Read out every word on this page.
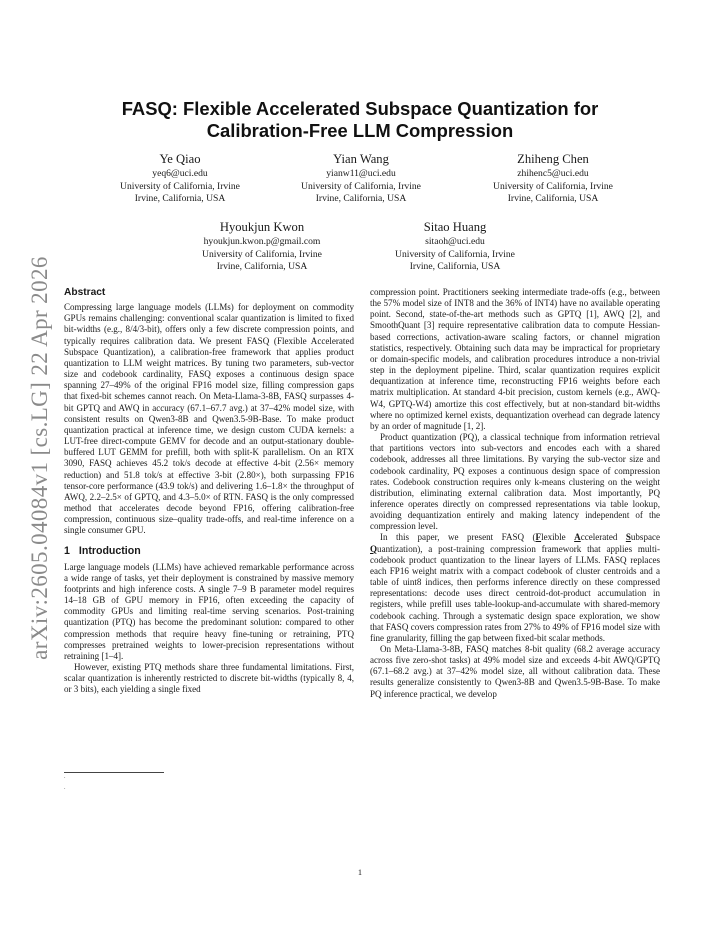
arXiv:2605.04084v1 [cs.LG] 22 Apr 2026
FASQ: Flexible Accelerated Subspace Quantization for
Calibration-Free LLM Compression
Ye Qiao
yeq6@uci.edu
University of California, Irvine
Irvine, California, USA
Yian Wang
yianw11@uci.edu
University of California, Irvine
Irvine, California, USA
Zhiheng Chen
zhihenc5@uci.edu
University of California, Irvine
Irvine, California, USA
Hyoukjun Kwon
hyoukjun.kwon.p@gmail.com
University of California, Irvine
Irvine, California, USA
Sitao Huang
sitaoh@uci.edu
University of California, Irvine
Irvine, California, USA
Abstract

Compressing large language models (LLMs) for deployment on commodity GPUs remains challenging: conventional scalar quantization is limited to fixed bit-widths (e.g., 8/4/3-bit), offers only a few discrete compression points, and typically requires calibration data. We present FASQ (Flexible Accelerated Subspace Quantization), a calibration-free framework that applies product quantization to LLM weight matrices. By tuning two parameters, sub-vector size and codebook cardinality, FASQ exposes a continuous design space spanning 27–49% of the original FP16 model size, filling compression gaps that fixed-bit schemes cannot reach. On Meta-Llama-3-8B, FASQ surpasses 4-bit GPTQ and AWQ in accuracy (67.1–67.7 avg.) at 37–42% model size, with consistent results on Qwen3-8B and Qwen3.5-9B-Base. To make product quantization practical at inference time, we design custom CUDA kernels: a LUT-free direct-compute GEMV for decode and an output-stationary double-buffered LUT GEMM for prefill, both with split-K parallelism. On an RTX 3090, FASQ achieves 45.2 tok/s decode at effective 4-bit (2.56× memory reduction) and 51.8 tok/s at effective 3-bit (2.80×), both surpassing FP16 tensor-core performance (43.9 tok/s) and delivering 1.6–1.8× the throughput of AWQ, 2.2–2.5× of GPTQ, and 4.3–5.0× of RTN. FASQ is the only compressed method that accelerates decode beyond FP16, offering calibration-free compression, continuous size–quality trade-offs, and real-time inference on a single consumer GPU.

1 Introduction

Large language models (LLMs) have achieved remarkable performance across a wide range of tasks, yet their deployment is constrained by massive memory footprints and high inference costs. A single 7–9 B parameter model requires 14–18 GB of GPU memory in FP16, often exceeding the capacity of commodity GPUs and limiting real-time serving scenarios. Post-training quantization (PTQ) has become the predominant solution: compared to other compression methods that require heavy fine-tuning or retraining, PTQ compresses pretrained weights to lower-precision representations without retraining [1–4].

However, existing PTQ methods share three fundamental limitations. First, scalar quantization is inherently restricted to discrete bit-widths (typically 8, 4, or 3 bits), each yielding a single fixed

.
.

compression point. Practitioners seeking intermediate trade-offs (e.g., between the 57% model size of INT8 and the 36% of INT4) have no available operating point. Second, state-of-the-art methods such as GPTQ [1], AWQ [2], and SmoothQuant [3] require representative calibration data to compute Hessian-based corrections, activation-aware scaling factors, or channel migration statistics, respectively. Obtaining such data may be impractical for proprietary or domain-specific models, and calibration procedures introduce a non-trivial step in the deployment pipeline. Third, scalar quantization requires explicit dequantization at inference time, reconstructing FP16 weights before each matrix multiplication. At standard 4-bit precision, custom kernels (e.g., AWQ-W4, GPTQ-W4) amortize this cost effectively, but at non-standard bit-widths where no optimized kernel exists, dequantization overhead can degrade latency by an order of magnitude [1, 2].

Product quantization (PQ), a classical technique from information retrieval that partitions vectors into sub-vectors and encodes each with a shared codebook, addresses all three limitations. By varying the sub-vector size and codebook cardinality, PQ exposes a continuous design space of compression rates. Codebook construction requires only k-means clustering on the weight distribution, eliminating external calibration data. Most importantly, PQ inference operates directly on compressed representations via table lookup, avoiding dequantization entirely and making latency independent of the compression level.

In this paper, we present FASQ (Flexible Accelerated Subspace Quantization), a post-training compression framework that applies multi-codebook product quantization to the linear layers of LLMs. FASQ replaces each FP16 weight matrix with a compact codebook of cluster centroids and a table of uint8 indices, then performs inference directly on these compressed representations: decode uses direct centroid-dot-product accumulation in registers, while prefill uses table-lookup-and-accumulate with shared-memory codebook caching. Through a systematic design space exploration, we show that FASQ covers compression rates from 27% to 49% of FP16 model size with fine granularity, filling the gap between fixed-bit scalar methods.

On Meta-Llama-3-8B, FASQ matches 8-bit quality (68.2 average accuracy across five zero-shot tasks) at 49% model size and exceeds 4-bit AWQ/GPTQ (67.1–68.2 avg.) at 37–42% model size, all without calibration data. These results generalize consistently to Qwen3-8B and Qwen3.5-9B-Base. To make PQ inference practical, we develop

1
